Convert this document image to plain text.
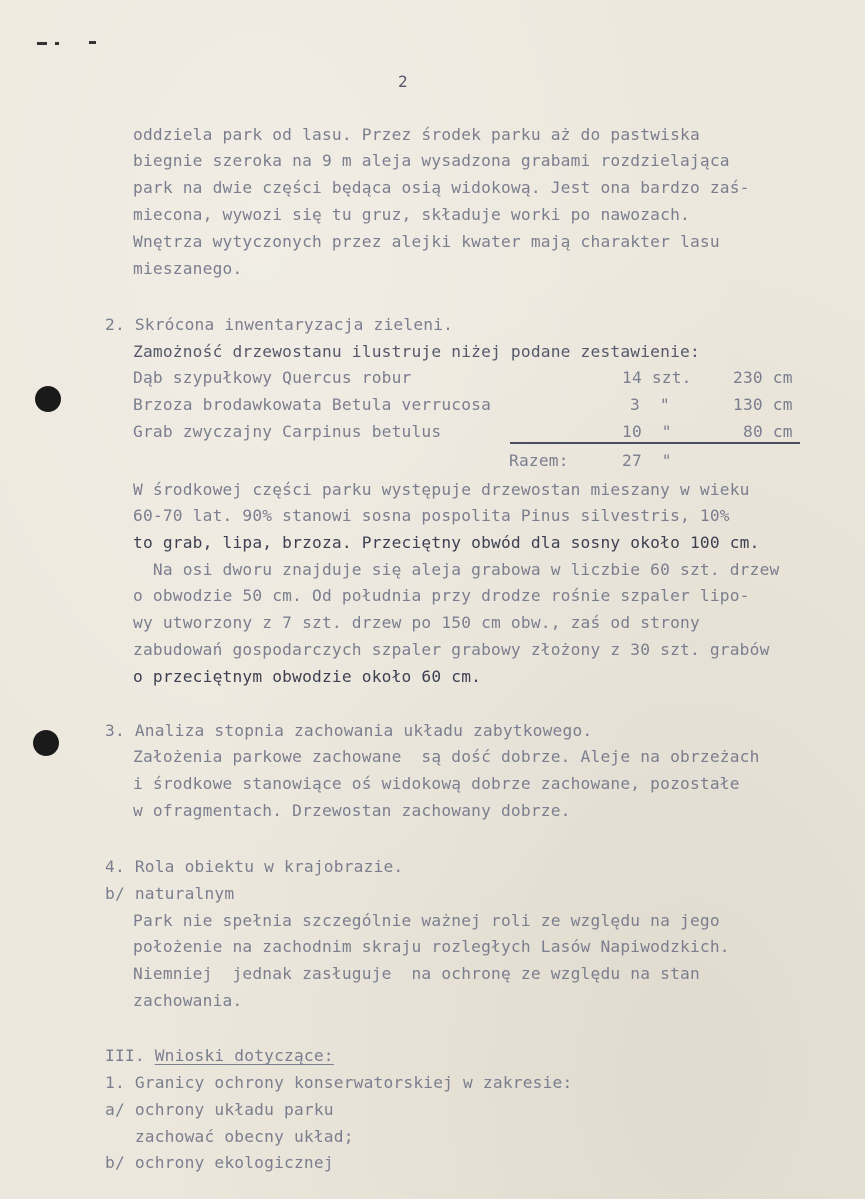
2
oddziela park od lasu. Przez środek parku aż do pastwiska
biegnie szeroka na 9 m aleja wysadzona grabami rozdzielająca
park na dwie części będąca osią widokową. Jest ona bardzo zaś-
miecona, wywozi się tu gruz, składuje worki po nawozach.
Wnętrza wytyczonych przez alejki kwater mają charakter lasu
mieszanego.
2. Skrócona inwentaryzacja zieleni.
Zamożność drzewostanu ilustruje niżej podane zestawienie:
Dąb szypułkowy Quercus robur	14 szt.	230 cm
Brzoza brodawkowata Betula verrucosa	3  "	130 cm
Grab zwyczajny Carpinus betulus	10  "	80 cm
Razem:	27  "
W środkowej części parku występuje drzewostan mieszany w wieku
60-70 lat. 90% stanowi sosna pospolita Pinus silvestris, 10%
to grab, lipa, brzoza. Przeciętny obwód dla sosny około 100 cm.
Na osi dworu znajduje się aleja grabowa w liczbie 60 szt. drzew
o obwodzie 50 cm. Od południa przy drodze rośnie szpaler lipo-
wy utworzony z 7 szt. drzew po 150 cm obw., zaś od strony
zabudowań gospodarczych szpaler grabowy złożony z 30 szt. grabów
o przeciętnym obwodzie około 60 cm.
3. Analiza stopnia zachowania układu zabytkowego.
Założenia parkowe zachowane  są dość dobrze. Aleje na obrzeżach
i środkowe stanowiące oś widokową dobrze zachowane, pozostałe
w ofragmentach. Drzewostan zachowany dobrze.
4. Rola obiektu w krajobrazie.
b/ naturalnym
Park nie spełnia szczególnie ważnej roli ze względu na jego
położenie na zachodnim skraju rozległych Lasów Napiwodzkich.
Niemniej  jednak zasługuje  na ochronę ze względu na stan
zachowania.
III. Wnioski dotyczące:
1. Granicy ochrony konserwatorskiej w zakresie:
a/ ochrony układu parku
zachować obecny układ;
b/ ochrony ekologicznej
